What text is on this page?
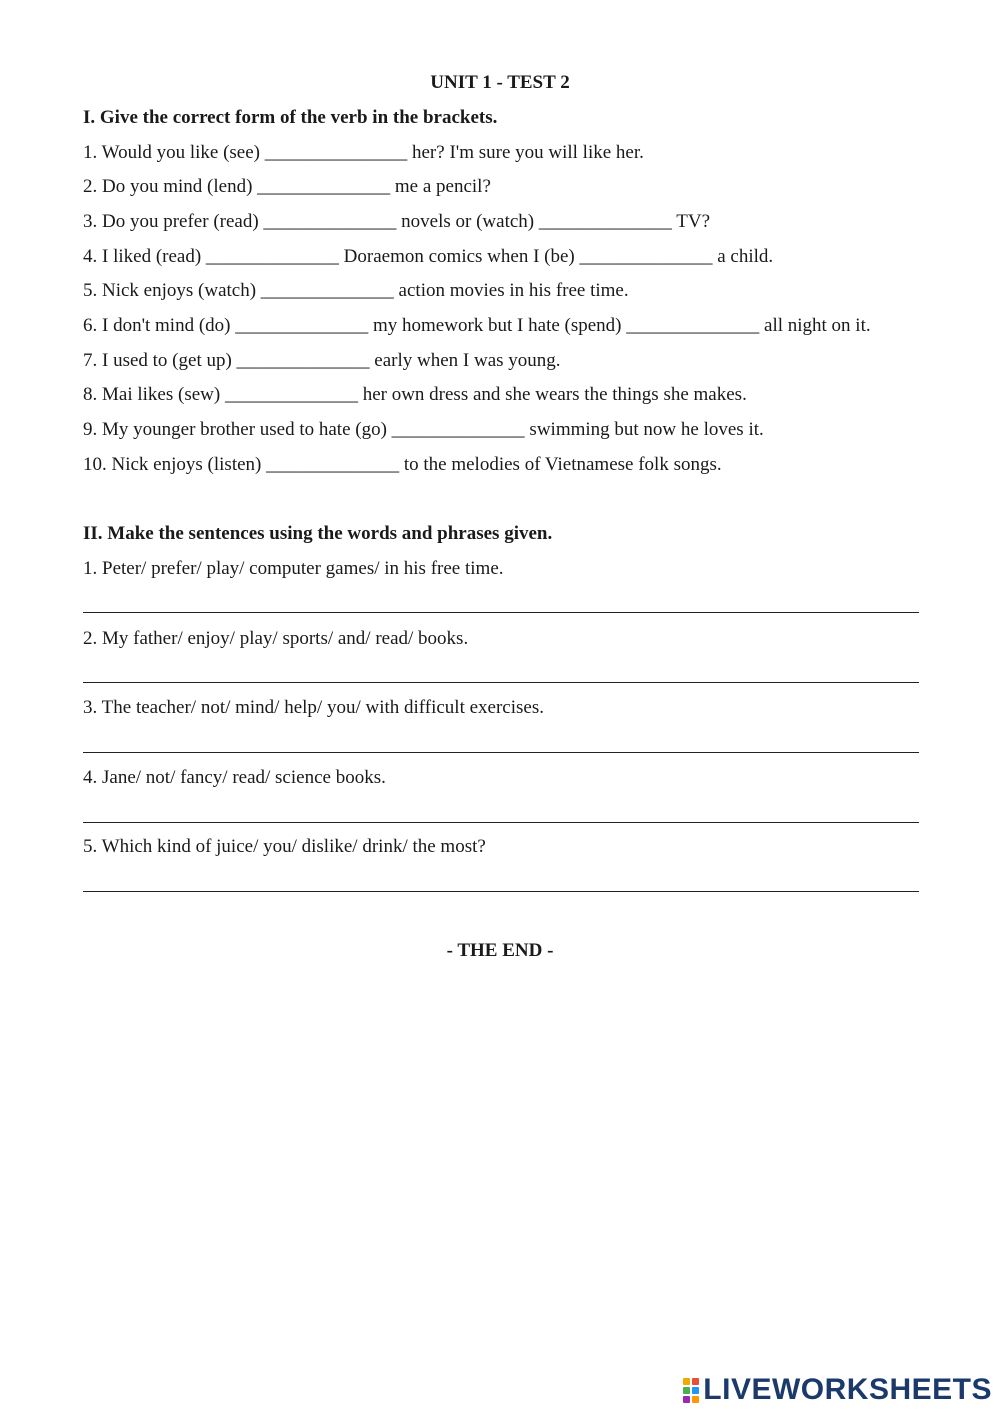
UNIT 1 - TEST 2
I. Give the correct form of the verb in the brackets.
1. Would you like (see) _______________ her? I'm sure you will like her.
2. Do you mind (lend) ______________ me a pencil?
3. Do you prefer (read) ______________ novels or (watch) ______________ TV?
4. I liked (read) ______________ Doraemon comics when I (be) ______________ a child.
5. Nick enjoys (watch) ______________ action movies in his free time.
6. I don't mind (do) ______________ my homework but I hate (spend) ______________ all night on it.
7. I used to (get up) ______________ early when I was young.
8. Mai likes (sew) ______________ her own dress and she wears the things she makes.
9. My younger brother used to hate (go) ______________ swimming but now he loves it.
10. Nick enjoys (listen) ______________ to the melodies of Vietnamese folk songs.
II. Make the sentences using the words and phrases given.
1. Peter/ prefer/ play/ computer games/ in his free time.
2. My father/ enjoy/ play/ sports/ and/ read/ books.
3. The teacher/ not/ mind/ help/ you/ with difficult exercises.
4. Jane/ not/ fancy/ read/ science books.
5. Which kind of juice/ you/ dislike/ drink/ the most?
- THE END -
LIVEWORKSHEETS
